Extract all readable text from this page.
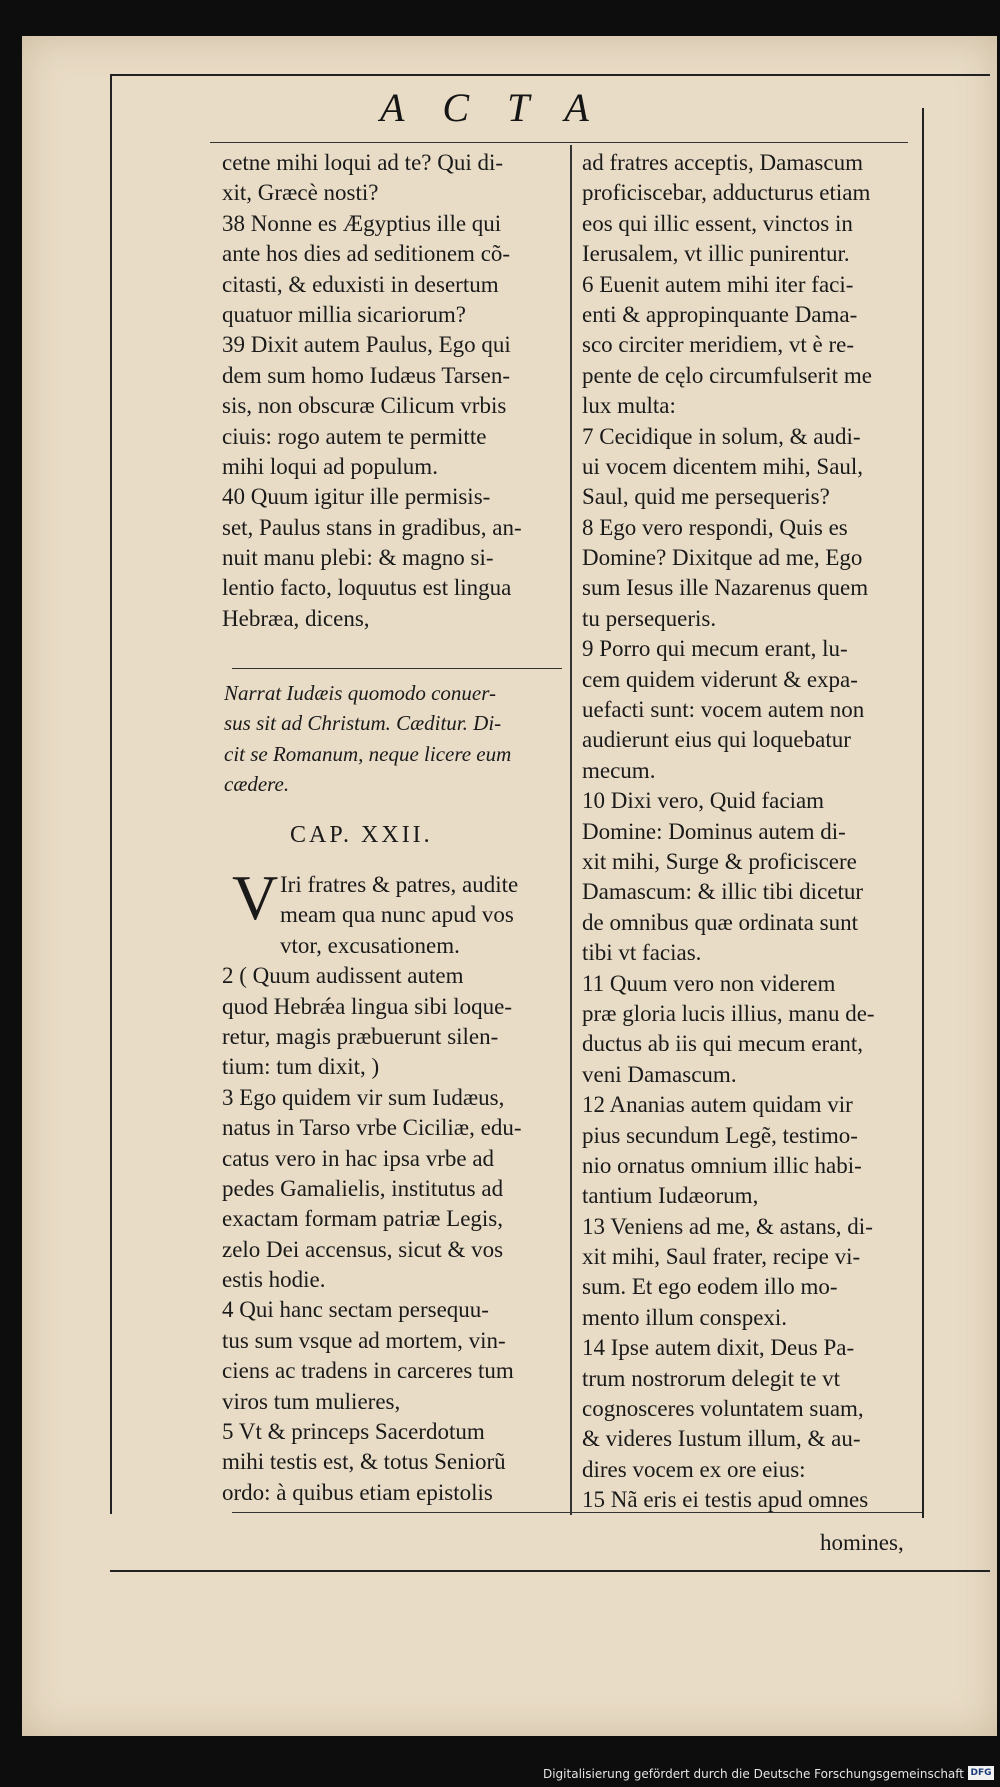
ACTA
cetne mihi loqui ad te? Qui di-
xit, Græcè nosti?
38 Nonne es Ægyptius ille qui
ante hos dies ad seditionem cõ-
citasti, & eduxisti in desertum
quatuor millia sicariorum?
39 Dixit autem Paulus, Ego qui
dem sum homo Iudæus Tarsen-
sis, non obscuræ Cilicum vrbis
ciuis: rogo autem te permitte
mihi loqui ad populum.
40 Quum igitur ille permisis-
set, Paulus stans in gradibus, an-
nuit manu plebi: & magno si-
lentio facto, loquutus est lingua
Hebræa, dicens,
Narrat Iudæis quomodo conuer-
sus sit ad Christum. Cæditur. Di-
cit se Romanum, neque licere eum
cædere.
CAP. XXII.
V Iri fratres & patres, audite
meam qua nunc apud vos
vtor, excusationem.
2 ( Quum audissent autem
quod Hebrǽa lingua sibi loque-
retur, magis præbuerunt silen-
tium: tum dixit, )
3 Ego quidem vir sum Iudæus,
natus in Tarso vrbe Ciciliæ, edu-
catus vero in hac ipsa vrbe ad
pedes Gamalielis, institutus ad
exactam formam patriæ Legis,
zelo Dei accensus, sicut & vos
estis hodie.
4 Qui hanc sectam persequu-
tus sum vsque ad mortem, vin-
ciens ac tradens in carceres tum
viros tum mulieres,
5 Vt & princeps Sacerdotum
mihi testis est, & totus Seniorũ
ordo: à quibus etiam epistolis
ad fratres acceptis, Damascum
proficiscebar, adducturus etiam
eos qui illic essent, vinctos in
Ierusalem, vt illic punirentur.
6 Euenit autem mihi iter faci-
enti & appropinquante Dama-
sco circiter meridiem, vt è re-
pente de cęlo circumfulserit me
lux multa:
7 Cecidique in solum, & audi-
ui vocem dicentem mihi, Saul,
Saul, quid me persequeris?
8 Ego vero respondi, Quis es
Domine? Dixitque ad me, Ego
sum Iesus ille Nazarenus quem
tu persequeris.
9 Porro qui mecum erant, lu-
cem quidem viderunt & expa-
uefacti sunt: vocem autem non
audierunt eius qui loquebatur
mecum.
10 Dixi vero, Quid faciam
Domine: Dominus autem di-
xit mihi, Surge & proficiscere
Damascum: & illic tibi dicetur
de omnibus quæ ordinata sunt
tibi vt facias.
11 Quum vero non viderem
præ gloria lucis illius, manu de-
ductus ab iis qui mecum erant,
veni Damascum.
12 Ananias autem quidam vir
pius secundum Legẽ, testimo-
nio ornatus omnium illic habi-
tantium Iudæorum,
13 Veniens ad me, & astans, di-
xit mihi, Saul frater, recipe vi-
sum. Et ego eodem illo mo-
mento illum conspexi.
14 Ipse autem dixit, Deus Pa-
trum nostrorum delegit te vt
cognosceres voluntatem suam,
& videres Iustum illum, & au-
dires vocem ex ore eius:
15 Nã eris ei testis apud omnes
homines,
Digitalisierung gefördert durch die Deutsche Forschungsgemeinschaft DFG
